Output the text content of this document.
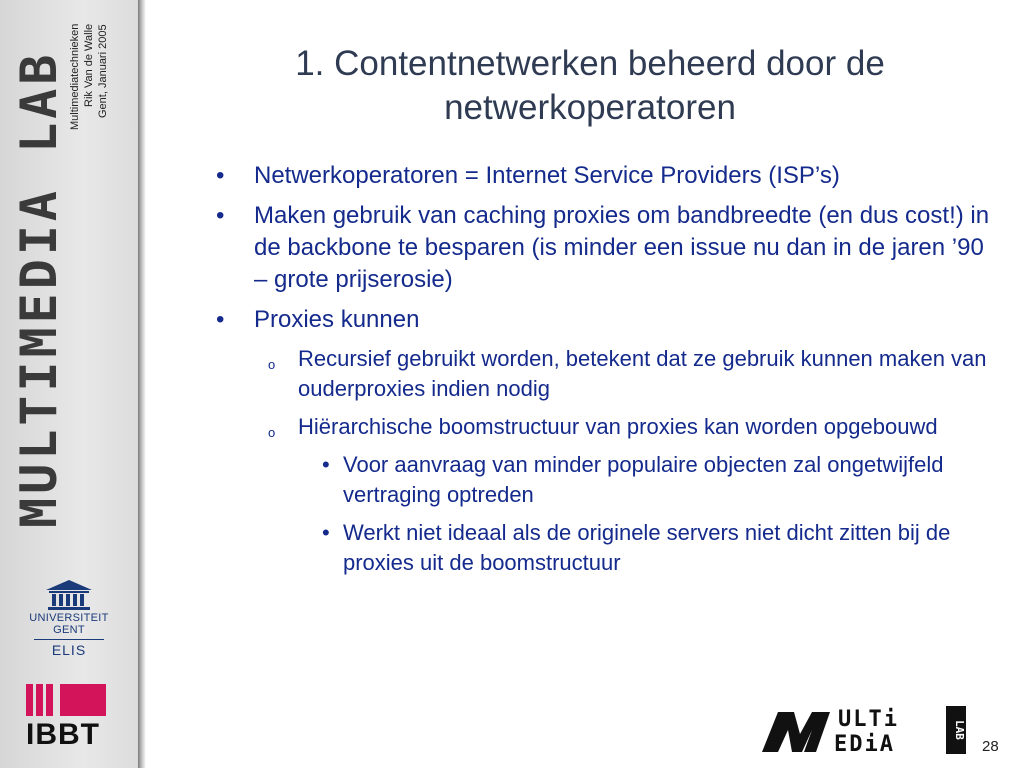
MULTIMEDIA LAB Multimediatechnieken Rik Van de Walle Gent, Januari 2005
UNIVERSITEIT
GENT
ELIS
IBBT
1. Contentnetwerken beheerd door de netwerkoperatoren
• Netwerkoperatoren = Internet Service Providers (ISP’s)
• Maken gebruik van caching proxies om bandbreedte (en dus cost!) in de backbone te besparen (is minder een issue nu dan in de jaren ’90 – grote prijserosie)
• Proxies kunnen
o Recursief gebruikt worden, betekent dat ze gebruik kunnen maken van ouderproxies indien nodig
o Hiërarchische boomstructuur van proxies kan worden opgebouwd
• Voor aanvraag van minder populaire objecten zal ongetwijfeld vertraging optreden
• Werkt niet ideaal als de originele servers niet dicht zitten bij de proxies uit de boomstructuur
ULTi
EDiA
LAB
28
